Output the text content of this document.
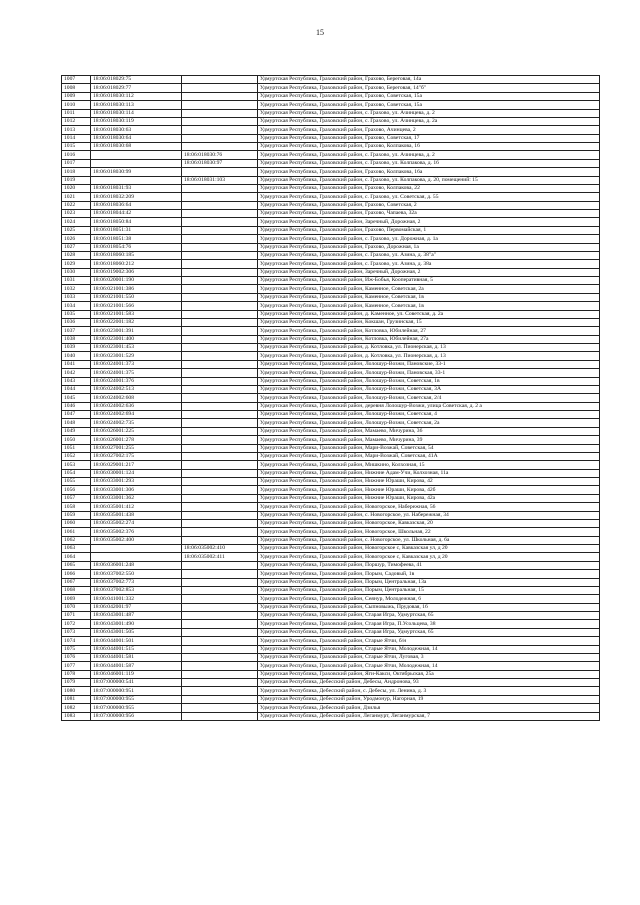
15
1007	18:06:018029:75		Удмуртская Республика, Граховский район, Грахово, Береговая, 14а
1008	18:06:018029:77		Удмуртская Республика, Граховский район, Грахово, Береговая, 14"б"
1009	18:06:018030:112		Удмуртская Республика, Граховский район, Грахово, Советская, 15а
1010	18:06:018030:113		Удмуртская Республика, Граховский район, Грахово, Советская, 15а
1011	18:06:018030:114		Удмуртская Республика, Граховский район, с. Грахово, ул. Ачинцева, д. 2
1012	18:06:018030:119		Удмуртская Республика, Граховский район, с. Грахово, ул. Ачинцева, д. 2а
1013	18:06:018030:63		Удмуртская Республика, Граховский район, Грахово, Ачинцева, 2
1014	18:06:018030:64		Удмуртская Республика, Граховский район, Грахово, Советская, 17
1015	18:06:018030:68		Удмуртская Республика, Граховский район, Грахово, Колпакова, 16
1016		18:06:018030:76	Удмуртская Республика, Граховский район, с. Грахово, ул. Ачинцева, д. 2
1017		18:06:018030:97	Удмуртская Республика, Граховский район, с. Грахово, ул. Колпакова, д. 16
1018	18:06:018030:99		Удмуртская Республика, Граховский район, Грахово, Колпакова, 16а
1019		18:06:018031:103	Удмуртская Республика, Граховский район, с. Грахово, ул. Колпакова, д. 20, помещений: 15
1020	18:06:018031:93		Удмуртская Республика, Граховский район, Грахово, Колпакова, 22
1021	18:06:018032:209		Удмуртская Республика, Граховский район, с. Грахово, ул. Советская, д. 55
1022	18:06:018036:64		Удмуртская Республика, Граховский район, Грахово, Советская, 2
1023	18:06:018044:42		Удмуртская Республика, Граховский район, Грахово, Чапаева, 32а
1024	18:06:018050:84		Удмуртская Республика, Граховский район, Заречный, Дорожная, 2
1025	18:06:018051:31		Удмуртская Республика, Граховский район, Грахово, Первомайская, 1
1026	18:06:018051:38		Удмуртская Республика, Граховский район, с. Грахово, ул. Дорожная, д. 1а
1027	18:06:018054:76		Удмуртская Республика, Граховский район, Грахово, Дорожная, 1а
1028	18:06:018060:185		Удмуртская Республика, Граховский район, с. Грахово, ул. Азина, д. 38"а"
1029	18:06:018060:212		Удмуртская Республика, Граховский район, с. Грахово, ул. Азина, д. 38а
1030	18:06:019002:306		Удмуртская Республика, Граховский район, Заречный, Дорожная, 2
1031	18:06:020001:190		Удмуртская Республика, Граховский район, Иж-Бобья, Кооперативная, 5
1032	18:06:021001:386		Удмуртская Республика, Граховский район, Каменное, Советская, 2а
1033	18:06:021001:550		Удмуртская Республика, Граховский район, Каменное, Советская, 1в
1034	18:06:021001:566		Удмуртская Республика, Граховский район, Каменное, Советская, 1в
1035	18:06:021001:583		Удмуртская Республика, Граховский район, д. Каменное, ул. Советская, д. 2а
1036	18:06:022001:182		Удмуртская Республика, Граховский район, Кокшан, Грузинская, 15
1037	18:06:023001:391		Удмуртская Республика, Граховский район, Котловка, Юбилейная, 27
1038	18:06:023001:400		Удмуртская Республика, Граховский район, Котловка, Юбилейная, 27а
1039	18:06:023001:453		Удмуртская Республика, Граховский район, д. Котловка, ул. Пионерская, д. 13
1040	18:06:023001:529		Удмуртская Республика, Граховский район, д. Котловка, ул. Пионерская, д. 13
1041	18:06:024001:373		Удмуртская Республика, Граховский район, Лолошур-Возжи, Пановские, 33-1
1042	18:06:024001:375		Удмуртская Республика, Граховский район, Лолошур-Возжи, Пановская, 33-1
1043	18:06:024001:376		Удмуртская Республика, Граховский район, Лолошур-Возжи, Советская, 1в
1044	18:06:024002:513		Удмуртская Республика, Граховский район, Лолошур-Возжи, Советская, 3А
1045	18:06:024002:608		Удмуртская Республика, Граховский район, Лолошур-Возжи, Советская, 2/4
1046	18:06:024002:636		Удмуртская Республика, Граховский район, деревня Лолошур-Возжи, улица Советская, д. 2 а
1047	18:06:024002:694		Удмуртская Республика, Граховский район, Лолошур-Возжи, Советская, 4
1048	18:06:024002:735		Удмуртская Республика, Граховский район, Лолошур-Возжи, Советская, 2а
1049	18:06:026001:225		Удмуртская Республика, Граховский район, Мамаево, Мичурина, 36
1050	18:06:026001:278		Удмуртская Республика, Граховский район, Мамаево, Мичурина, 39
1051	18:06:027001:255		Удмуртская Республика, Граховский район, Мари-Возжай, Советская, 54
1052	18:06:027002:175		Удмуртская Республика, Граховский район, Мари-Возжай, Советская, 41А
1053	18:06:029001:217		Удмуртская Республика, Граховский район, Мишкино, Колхозная, 15
1054	18:06:030001:124		Удмуртская Республика, Граховский район, Нижние Адам-Учи, Колхозная, 11а
1055	18:06:033001:293		Удмуртская Республика, Граховский район, Нижние Юраши, Кирова, 42
1056	18:06:033001:306		Удмуртская Республика, Граховский район, Нижние Юраши, Кирова, 42б
1057	18:06:033001:362		Удмуртская Республика, Граховский район, Нижние Юраши, Кирова, 42а
1058	18:06:035001:412		Удмуртская Республика, Граховский район, Новогорское, Набережная, 56
1059	18:06:035001:438		Удмуртская Республика, Граховский район, с. Новогорское, ул. Набережная, 34
1060	18:06:035002:274		Удмуртская Республика, Граховский район, Новогорское, Кавказская, 20
1061	18:06:035002:376		Удмуртская Республика, Граховский район, Новогорское, Школьная, 22
1062	18:06:035002:400		Удмуртская Республика, Граховский район, с. Новогорское, ул. Школьная, д. 6а
1063		18:06:035002:410	Удмуртская Республика, Граховский район, Новогорское с, Кавказская ул, д 20
1064		18:06:035002:411	Удмуртская Республика, Граховский район, Новогорское с, Кавказская ул, д 20
1065	18:06:036001:248		Удмуртская Республика, Граховский район, Поршур, Тимофеева, 41
1066	18:06:037002:550		Удмуртская Республика, Граховский район, Порым, Садовый, 1в
1067	18:06:037002:773		Удмуртская Республика, Граховский район, Порым, Центральная, 13а
1068	18:06:037002:853		Удмуртская Республика, Граховский район, Порым, Центральная, 15
1069	18:06:041001:332		Удмуртская Республика, Граховский район, Сеянур, Молодежная, 6
1070	18:06:042001:97		Удмуртская Республика, Граховский район, Сыпновыжь, Прудовая, 16
1071	18:06:043001:487		Удмуртская Республика, Граховский район, Старая Игра, Удмуртская, 65
1072	18:06:043001:490		Удмуртская Республика, Граховский район, Старая Игра, П.Усольцева, 38
1073	18:06:043001:505		Удмуртская Республика, Граховский район, Старая Игра, Удмуртская, 65
1074	18:06:044001:501		Удмуртская Республика, Граховский район, Старые Ятчи, б/н
1075	18:06:044001:515		Удмуртская Республика, Граховский район, Старые Ятчи, Молодежная, 14
1076	18:06:044001:581		Удмуртская Республика, Граховский район, Старые Ятчи, Луговая, 3
1077	18:06:044001:587		Удмуртская Республика, Граховский район, Старые Ятчи, Молодежная, 14
1078	18:06:046001:119		Удмуртская Республика, Граховский район, Яги-Какси, Октябрьская, 25а
1079	18:07:000000:541		Удмуртская Республика, Дебесский район, Дебесы, Андронова, 93
1080	18:07:000000:951		Удмуртская Республика, Дебесский район, с. Дебесы, ул. Ленина, д. 3
1081	18:07:000000:955		Удмуртская Республика, Дебесский район, Уродмонур, Нагорная, 19
1082	18:07:000000:955		Удмуртская Республика, Дебесский район, Дзилья
1083	18:07:000000:956		Удмуртская Республика, Дебесский район, Леганмурт, Леганмурская, 7
